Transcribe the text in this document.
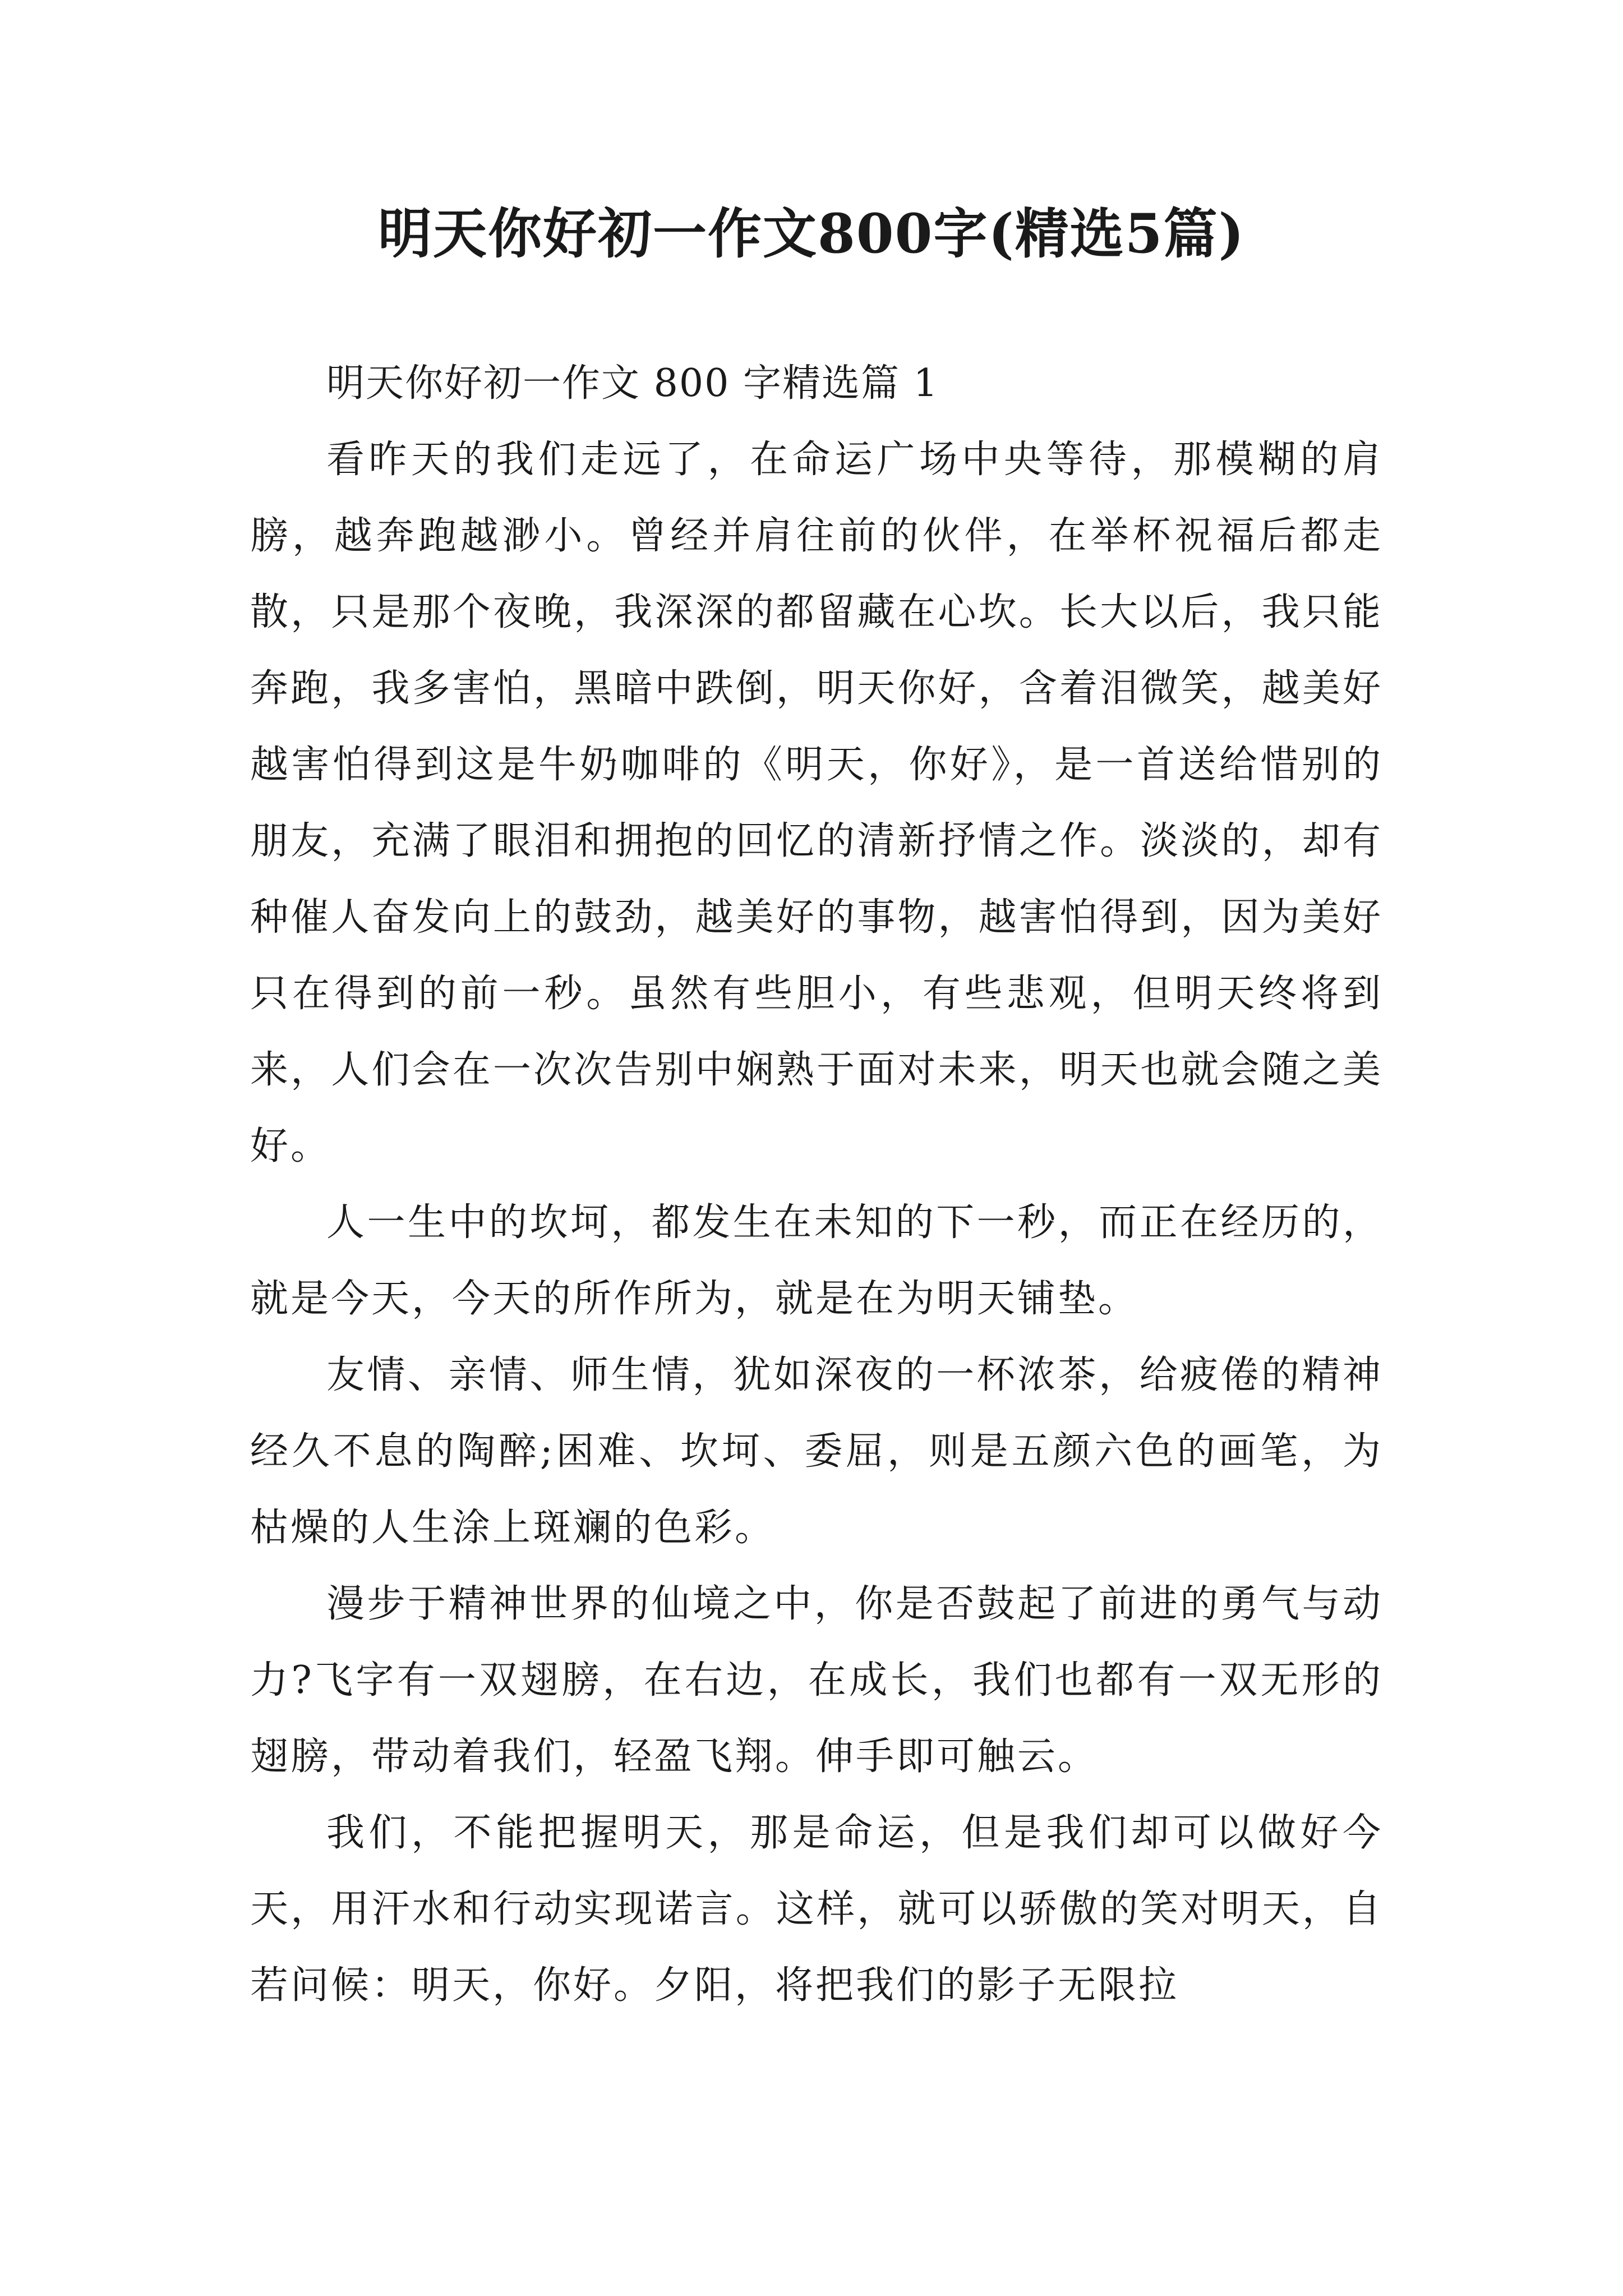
明天你好初一作文800字(精选5篇)

明天你好初一作文 800 字精选篇 1

看昨天的我们走远了，在命运广场中央等待，那模糊的肩膀，越奔跑越渺小。曾经并肩往前的伙伴，在举杯祝福后都走散，只是那个夜晚，我深深的都留藏在心坎。长大以后，我只能奔跑，我多害怕，黑暗中跌倒，明天你好，含着泪微笑，越美好越害怕得到这是牛奶咖啡的《明天，你好》，是一首送给惜别的朋友，充满了眼泪和拥抱的回忆的清新抒情之作。淡淡的，却有种催人奋发向上的鼓劲，越美好的事物，越害怕得到，因为美好只在得到的前一秒。虽然有些胆小，有些悲观，但明天终将到来，人们会在一次次告别中娴熟于面对未来，明天也就会随之美好。

人一生中的坎坷，都发生在未知的下一秒，而正在经历的，就是今天，今天的所作所为，就是在为明天铺垫。

友情、亲情、师生情，犹如深夜的一杯浓茶，给疲倦的精神经久不息的陶醉;困难、坎坷、委屈，则是五颜六色的画笔，为枯燥的人生涂上斑斓的色彩。

漫步于精神世界的仙境之中，你是否鼓起了前进的勇气与动力?飞字有一双翅膀，在右边，在成长，我们也都有一双无形的翅膀，带动着我们，轻盈飞翔。伸手即可触云。

我们，不能把握明天，那是命运，但是我们却可以做好今天，用汗水和行动实现诺言。这样，就可以骄傲的笑对明天，自若问候：明天，你好。夕阳，将把我们的影子无限拉
